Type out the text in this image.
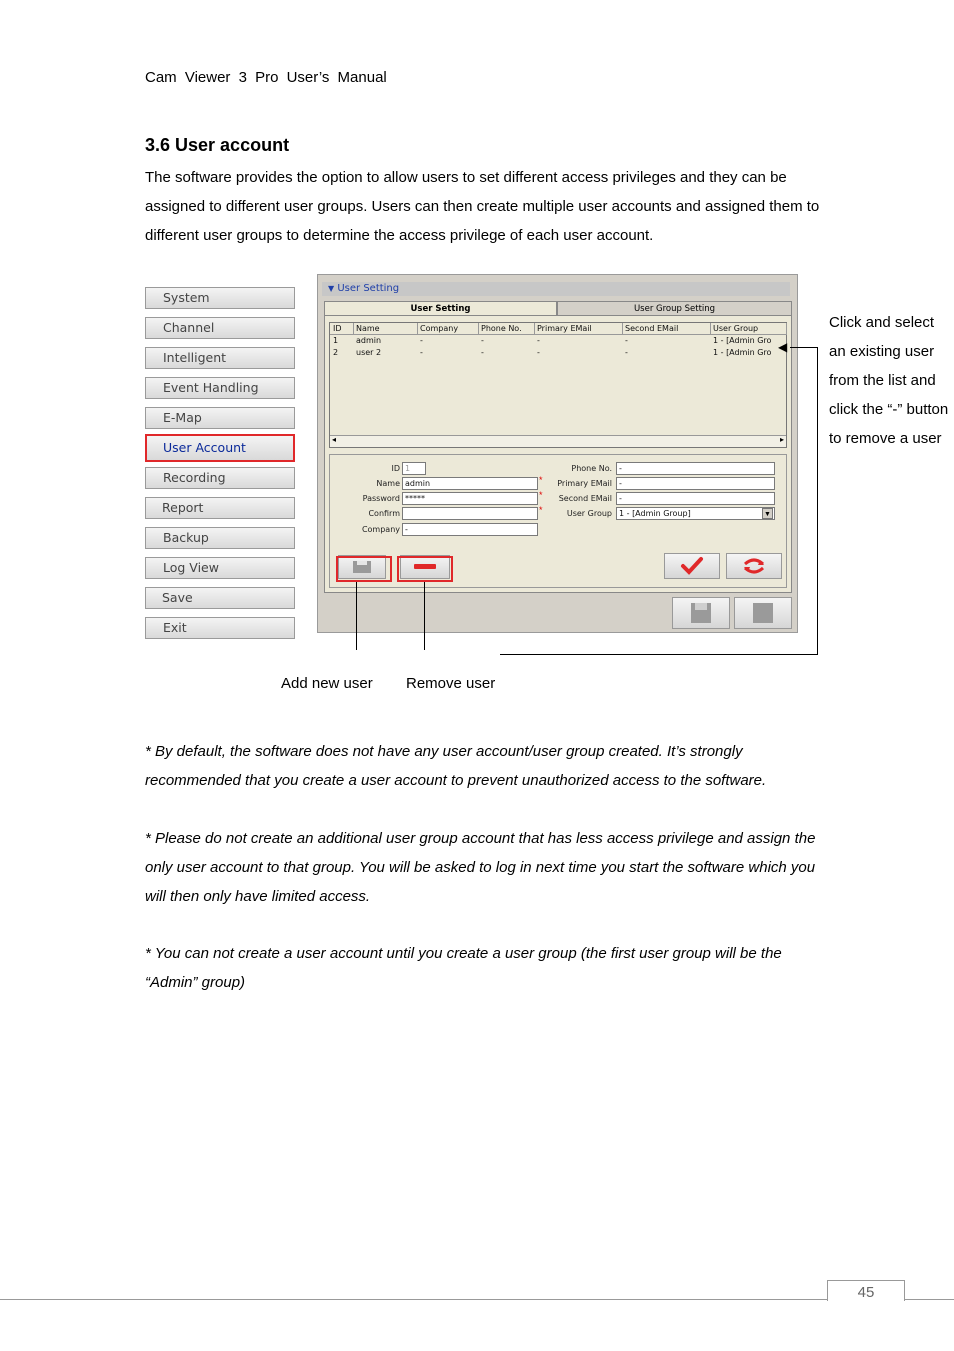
Cam Viewer 3 Pro User’s Manual
3.6 User account
The software provides the option to allow users to set different access privileges and they can be assigned to different user groups. Users can then create multiple user accounts and assigned them to different user groups to determine the access privilege of each user account.
System
Channel
Intelligent
Event Handling
E-Map
User Account
Recording
Report
Backup
Log View
Save
Exit
▼ User Setting
User Setting	User Group Setting
ID	Name	Company	Phone No.	Primary EMail	Second EMail	User Group
1	admin	-	-	-	-	1 - [Admin Gro
2	user 2	-	-	-	-	1 - [Admin Gro
◂	▸
ID 1
Name admin	*
Password *****	*
Confirm	*
Company -
Phone No. -
Primary EMail -
Second EMail -
User Group 1 - [Admin Group]	▼
Click and select an existing user from the list and click the “-” button to remove a user
◀
Add new user Remove user
* By default, the software does not have any user account/user group created. It’s strongly recommended that you create a user account to prevent unauthorized access to the software.
* Please do not create an additional user group account that has less access privilege and assign the only user account to that group. You will be asked to log in next time you start the software which you will then only have limited access.
* You can not create a user account until you create a user group (the first user group will be the “Admin” group)
45
